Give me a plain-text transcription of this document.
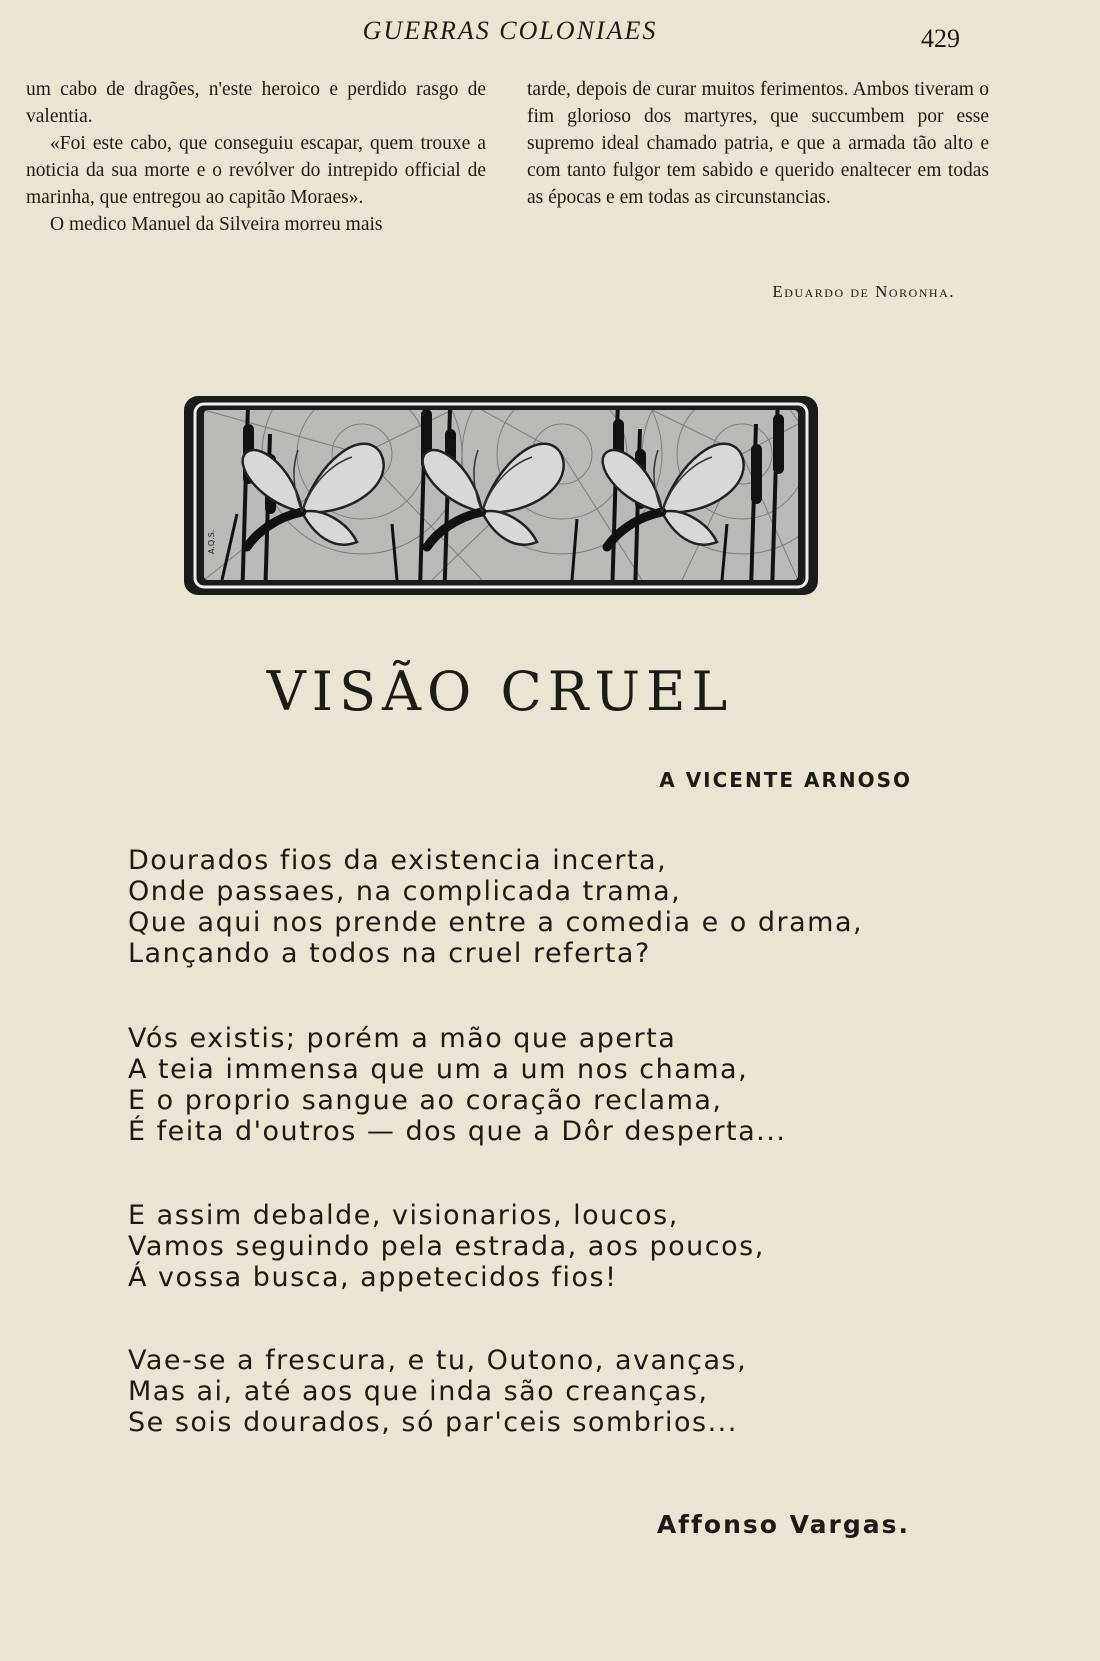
GUERRAS COLONIAES	429

um cabo de dragões, n'este heroico e perdido rasgo de valentia.

«Foi este cabo, que conseguiu escapar, quem trouxe a noticia da sua morte e o revólver do intrepido official de marinha, que entregou ao capitão Moraes».

O medico Manuel da Silveira morreu mais

tarde, depois de curar muitos ferimentos. Ambos tiveram o fim glorioso dos martyres, que succumbem por esse supremo ideal chamado patria, e que a armada tão alto e com tanto fulgor tem sabido e querido enaltecer em todas as épocas e em todas as circunstancias.

Eduardo de Noronha.
A.Q.S.
VISÃO CRUEL
A VICENTE ARNOSO
Dourados fios da existencia incerta,
Onde passaes, na complicada trama,
Que aqui nos prende entre a comedia e o drama,
Lançando a todos na cruel referta?
Vós existis; porém a mão que aperta
A teia immensa que um a um nos chama,
E o proprio sangue ao coração reclama,
É feita d'outros — dos que a Dôr desperta...
E assim debalde, visionarios, loucos,
Vamos seguindo pela estrada, aos poucos,
Á vossa busca, appetecidos fios!
Vae-se a frescura, e tu, Outono, avanças,
Mas ai, até aos que inda são creanças,
Se sois dourados, só par'ceis sombrios...
Affonso Vargas.
